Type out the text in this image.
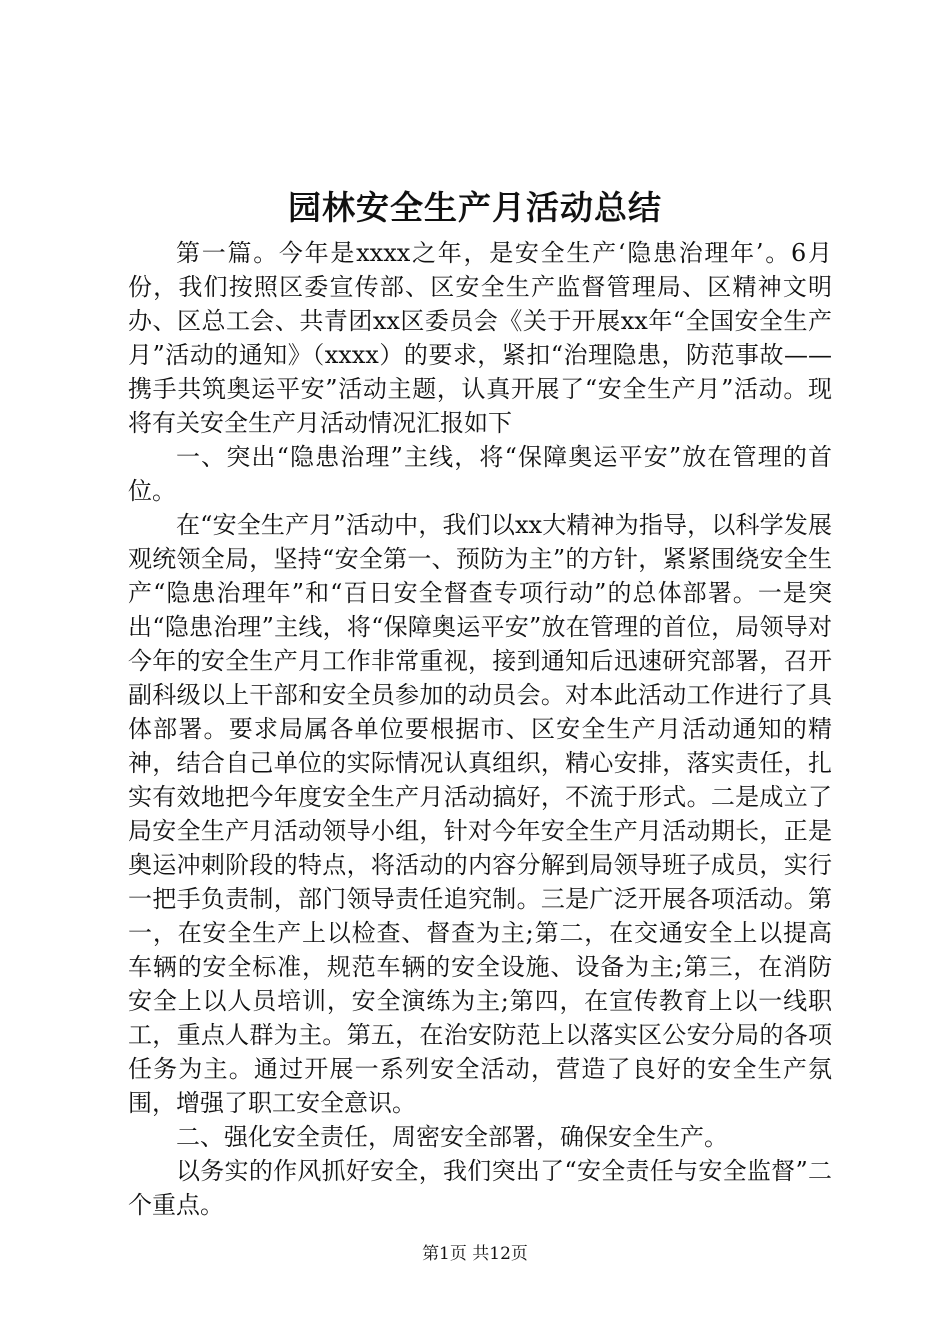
园林安全生产月活动总结

第一篇。今年是xxxx之年，是安全生产‘隐患治理年’。6月份，我们按照区委宣传部、区安全生产监督管理局、区精神文明办、区总工会、共青团xx区委员会《关于开展xx年“全国安全生产月”活动的通知》（xxxx）的要求，紧扣“治理隐患，防范事故——携手共筑奥运平安”活动主题，认真开展了“安全生产月”活动。现将有关安全生产月活动情况汇报如下

一、突出“隐患治理”主线，将“保障奥运平安”放在管理的首位。

在“安全生产月”活动中，我们以xx大精神为指导，以科学发展观统领全局，坚持“安全第一、预防为主”的方针，紧紧围绕安全生产“隐患治理年”和“百日安全督查专项行动”的总体部署。一是突出“隐患治理”主线，将“保障奥运平安”放在管理的首位，局领导对今年的安全生产月工作非常重视，接到通知后迅速研究部署，召开副科级以上干部和安全员参加的动员会。对本此活动工作进行了具体部署。要求局属各单位要根据市、区安全生产月活动通知的精神，结合自己单位的实际情况认真组织，精心安排，落实责任，扎实有效地把今年度安全生产月活动搞好，不流于形式。二是成立了局安全生产月活动领导小组，针对今年安全生产月活动期长，正是奥运冲刺阶段的特点，将活动的内容分解到局领导班子成员，实行一把手负责制，部门领导责任追究制。三是广泛开展各项活动。第一，在安全生产上以检查、督查为主;第二，在交通安全上以提高车辆的安全标准，规范车辆的安全设施、设备为主;第三，在消防安全上以人员培训，安全演练为主;第四，在宣传教育上以一线职工，重点人群为主。第五，在治安防范上以落实区公安分局的各项任务为主。通过开展一系列安全活动，营造了良好的安全生产氛围，增强了职工安全意识。

二、强化安全责任，周密安全部署，确保安全生产。

以务实的作风抓好安全，我们突出了“安全责任与安全监督”二个重点。

第1页 共12页
